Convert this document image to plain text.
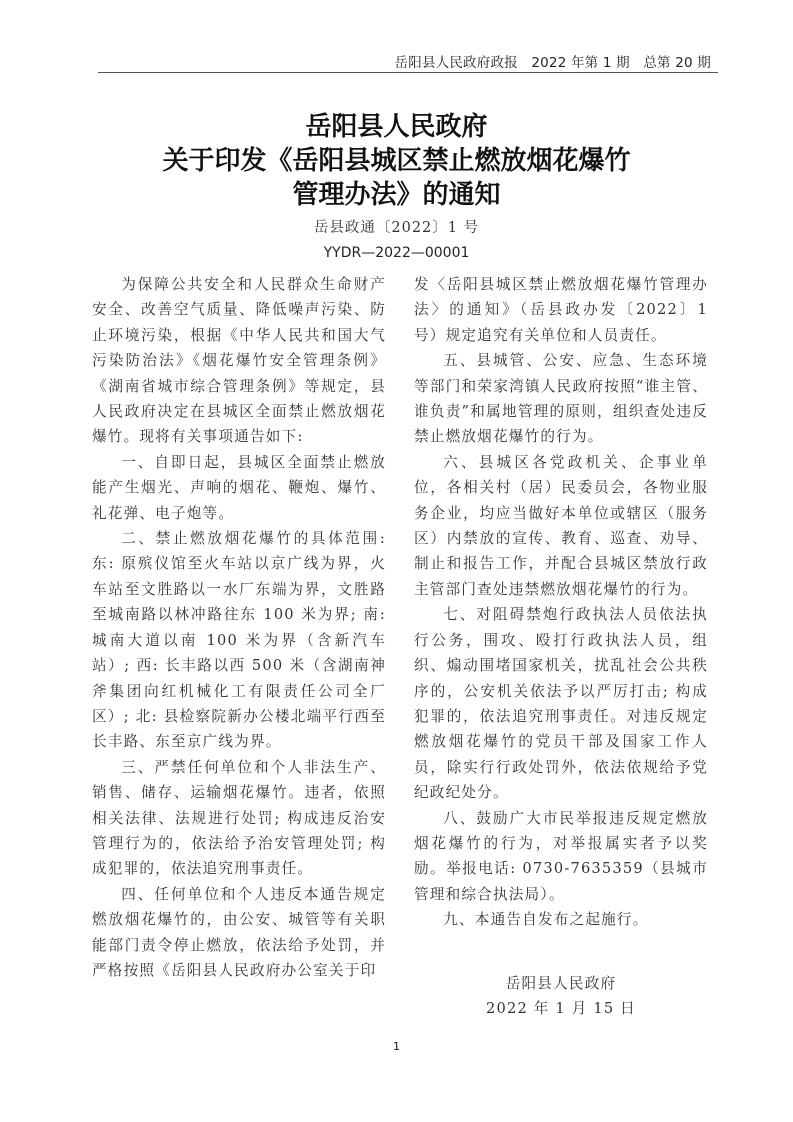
岳阳县人民政府政报   2022 年第 1 期   总第 20 期
岳阳县人民政府
关于印发《岳阳县城区禁止燃放烟花爆竹
管理办法》的通知
岳县政通〔2022〕1 号
YYDR—2022—00001

为保障公共安全和人民群众生命财产安全、改善空气质量、降低噪声污染、防止环境污染，根据《中华人民共和国大气污染防治法》《烟花爆竹安全管理条例》《湖南省城市综合管理条例》等规定，县人民政府决定在县城区全面禁止燃放烟花爆竹。现将有关事项通告如下:

一、自即日起，县城区全面禁止燃放能产生烟光、声响的烟花、鞭炮、爆竹、礼花弹、电子炮等。

二、禁止燃放烟花爆竹的具体范围:东: 原殡仪馆至火车站以京广线为界，火车站至文胜路以一水厂东端为界，文胜路至城南路以林冲路往东 100 米为界; 南: 城南大道以南 100 米为界（含新汽车站）; 西: 长丰路以西 500 米（含湖南神斧集团向红机械化工有限责任公司全厂区）; 北: 县检察院新办公楼北端平行西至长丰路、东至京广线为界。

三、严禁任何单位和个人非法生产、销售、储存、运输烟花爆竹。违者，依照相关法律、法规进行处罚; 构成违反治安管理行为的，依法给予治安管理处罚; 构成犯罪的，依法追究刑事责任。

四、任何单位和个人违反本通告规定燃放烟花爆竹的，由公安、城管等有关职能部门责令停止燃放，依法给予处罚，并严格按照《岳阳县人民政府办公室关于印

发〈岳阳县城区禁止燃放烟花爆竹管理办法〉的通知》（岳县政办发〔2022〕1 号）规定追究有关单位和人员责任。

五、县城管、公安、应急、生态环境等部门和荣家湾镇人民政府按照“谁主管、谁负责”和属地管理的原则，组织查处违反禁止燃放烟花爆竹的行为。

六、县城区各党政机关、企事业单位，各相关村（居）民委员会，各物业服务企业，均应当做好本单位或辖区（服务区）内禁放的宣传、教育、巡查、劝导、制止和报告工作，并配合县城区禁放行政主管部门查处违禁燃放烟花爆竹的行为。

七、对阻碍禁炮行政执法人员依法执行公务，围攻、殴打行政执法人员，组织、煽动围堵国家机关，扰乱社会公共秩序的，公安机关依法予以严厉打击; 构成犯罪的，依法追究刑事责任。对违反规定燃放烟花爆竹的党员干部及国家工作人员，除实行行政处罚外，依法依规给予党纪政纪处分。

八、鼓励广大市民举报违反规定燃放烟花爆竹的行为，对举报属实者予以奖励。举报电话: 0730-7635359（县城市管理和综合执法局）。

九、本通告自发布之起施行。

岳阳县人民政府

2022 年 1 月 15 日

1
